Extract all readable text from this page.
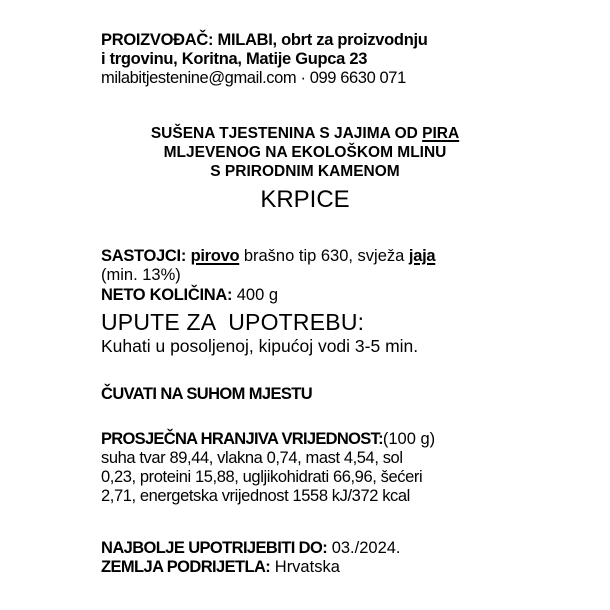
PROIZVOĐAČ: MILABI, obrt za proizvodnju
i trgovinu, Koritna, Matije Gupca 23
milabitjestenine@gmail.com · 099 6630 071
SUŠENA TJESTENINA S JAJIMA OD PIRA
MLJEVENOG NA EKOLOŠKOM MLINU
S PRIRODNIM KAMENOM
KRPICE
SASTOJCI: pirovo brašno tip 630, svježa jaja
(min. 13%)
NETO KOLIČINA: 400 g
UPUTE ZA  UPOTREBU:
Kuhati u posoljenoj, kipućoj vodi 3-5 min.
ČUVATI NA SUHOM MJESTU
PROSJEČNA HRANJIVA VRIJEDNOST:(100 g)
suha tvar 89,44, vlakna 0,74, mast 4,54, sol
0,23, proteini 15,88, ugljikohidrati 66,96, šećeri
2,71, energetska vrijednost 1558 kJ/372 kcal
NAJBOLJE UPOTRIJEBITI DO: 03./2024.
ZEMLJA PODRIJETLA: Hrvatska
